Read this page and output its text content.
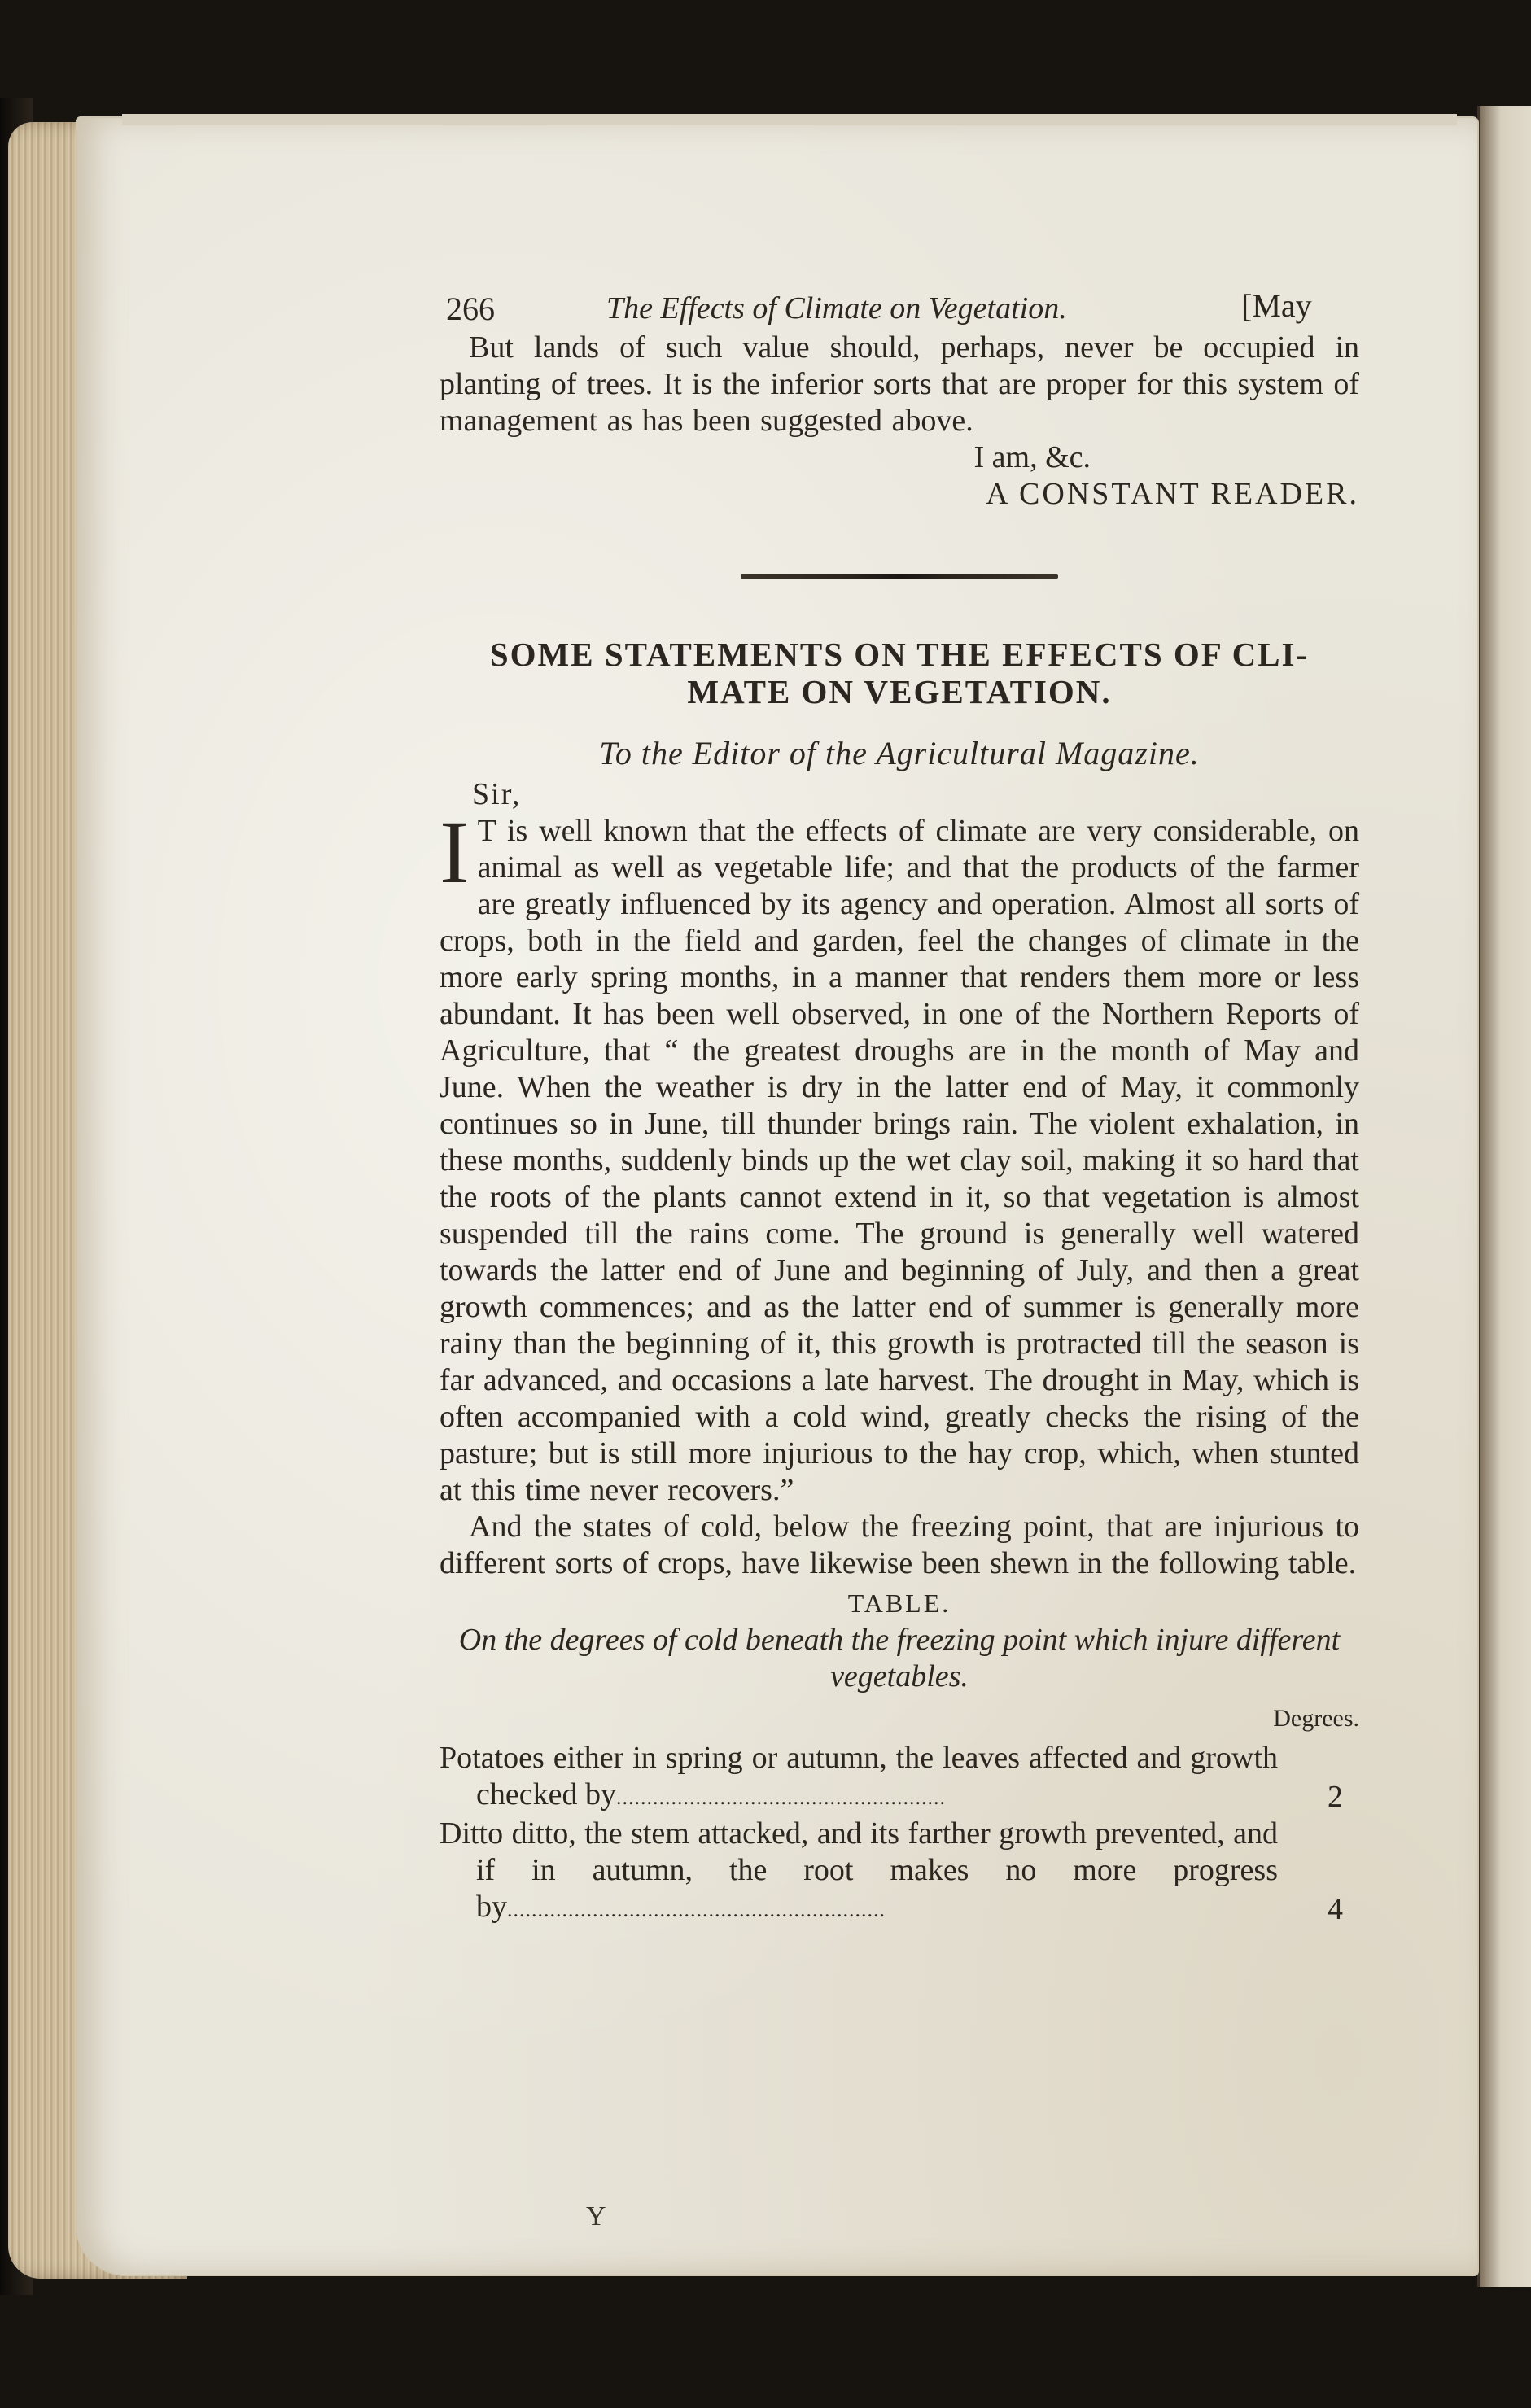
266	The Effects of Climate on Vegetation.	[May

But lands of such value should, perhaps, never be occupied in planting of trees. It is the inferior sorts that are proper for this system of management as has been suggested above.

I am, &c.
A CONSTANT READER.

SOME STATEMENTS ON THE EFFECTS OF CLI-
MATE ON VEGETATION.

To the Editor of the Agricultural Magazine.

Sir,

I T is well known that the effects of climate are very considerable, on animal as well as vegetable life; and that the products of the farmer are greatly influenced by its agency and operation. Almost all sorts of crops, both in the field and garden, feel the changes of climate in the more early spring months, in a manner that renders them more or less abundant. It has been well observed, in one of the Northern Reports of Agriculture, that “ the greatest droughs are in the month of May and June. When the weather is dry in the latter end of May, it commonly continues so in June, till thunder brings rain. The violent exhalation, in these months, suddenly binds up the wet clay soil, making it so hard that the roots of the plants cannot extend in it, so that vegetation is almost suspended till the rains come. The ground is generally well watered towards the latter end of June and beginning of July, and then a great growth commences; and as the latter end of summer is generally more rainy than the beginning of it, this growth is protracted till the season is far advanced, and occasions a late harvest. The drought in May, which is often accompanied with a cold wind, greatly checks the rising of the pasture; but is still more injurious to the hay crop, which, when stunted at this time never recovers.”

And the states of cold, below the freezing point, that are injurious to different sorts of crops, have likewise been shewn in the following table.

TABLE.

On the degrees of cold beneath the freezing point which injure different vegetables.

Degrees.

Potatoes either in spring or autumn, the leaves affected and growth checked by......................................................	2

Ditto ditto, the stem attacked, and its farther growth prevented, and if in autumn, the root makes no more progress by..............................................................	4

Y
